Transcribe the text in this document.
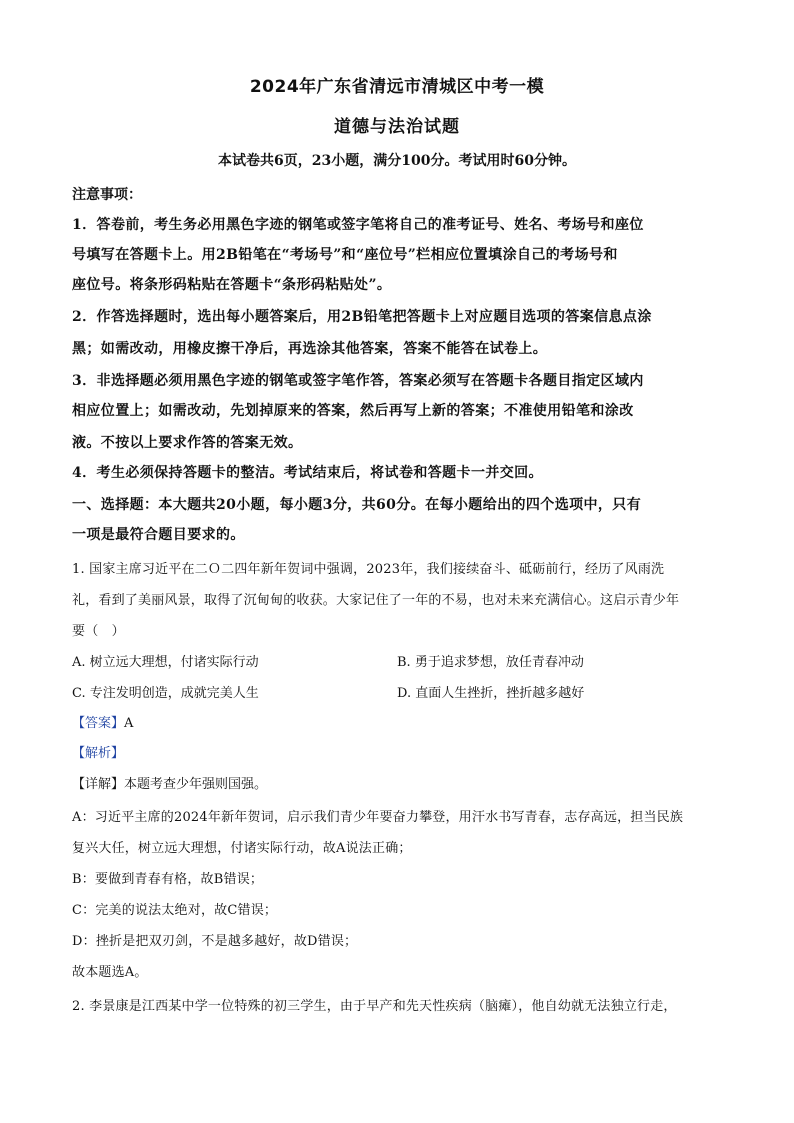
2024年广东省清远市清城区中考一模
道德与法治试题
本试卷共6页，23小题，满分100分。考试用时60分钟。
注意事项：
1．答卷前，考生务必用黑色字迹的钢笔或签字笔将自己的准考证号、姓名、考场号和座位
号填写在答题卡上。用2B铅笔在“考场号”和“座位号”栏相应位置填涂自己的考场号和
座位号。将条形码粘贴在答题卡“条形码粘贴处”。
2．作答选择题时，选出每小题答案后，用2B铅笔把答题卡上对应题目选项的答案信息点涂
黑；如需改动，用橡皮擦干净后，再选涂其他答案，答案不能答在试卷上。
3．非选择题必须用黑色字迹的钢笔或签字笔作答，答案必须写在答题卡各题目指定区域内
相应位置上；如需改动，先划掉原来的答案，然后再写上新的答案；不准使用铅笔和涂改
液。不按以上要求作答的答案无效。
4．考生必须保持答题卡的整洁。考试结束后，将试卷和答题卡一并交回。
一、选择题：本大题共20小题，每小题3分，共60分。在每小题给出的四个选项中，只有
一项是最符合题目要求的。
1. 国家主席习近平在二Ｏ二四年新年贺词中强调，2023年，我们接续奋斗、砥砺前行，经历了风雨洗
礼，看到了美丽风景，取得了沉甸甸的收获。大家记住了一年的不易，也对未来充满信心。这启示青少年
要（　）
A. 树立远大理想，付诸实际行动	B. 勇于追求梦想，放任青春冲动
C. 专注发明创造，成就完美人生	D. 直面人生挫折，挫折越多越好
【答案】A
【解析】
【详解】本题考查少年强则国强。
A：习近平主席的2024年新年贺词，启示我们青少年要奋力攀登，用汗水书写青春，志存高远，担当民族
复兴大任，树立远大理想，付诸实际行动，故A说法正确；
B：要做到青春有格，故B错误；
C：完美的说法太绝对，故C错误；
D：挫折是把双刃剑，不是越多越好，故D错误；
故本题选A。
2. 李景康是江西某中学一位特殊的初三学生，由于早产和先天性疾病（脑瘫），他自幼就无法独立行走，
